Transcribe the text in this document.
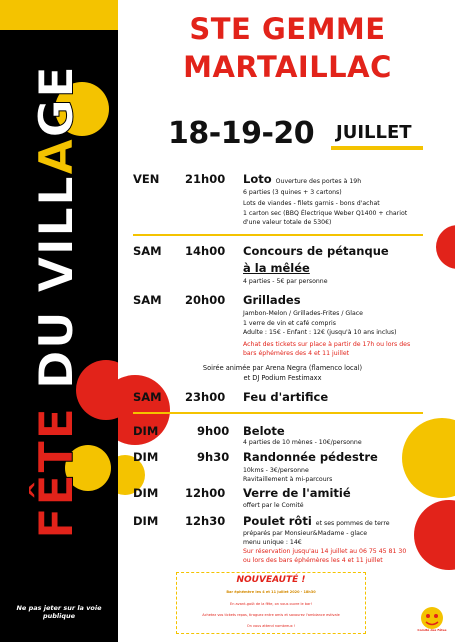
FÊTE DU VILLAGE
Ne pas jeter sur la voie publique
STE GEMME
MARTAILLAC
18-19-20 JUILLET
VEN 21h00 Loto Ouverture des portes à 19h
6 parties (3 quines + 3 cartons)
Lots de viandes - filets garnis - bons d'achat
1 carton sec (BBQ Électrique Weber Q1400 + chariot
d'une valeur totale de 530€)
SAM 14h00 Concours de pétanque
à la mêlée
4 parties - 5€ par personne
SAM 20h00 Grillades
Jambon-Melon / Grillades-Frites / Glace
1 verre de vin et café compris
Adulte : 15€ - Enfant : 12€ (jusqu'à 10 ans inclus)
Achat des tickets sur place à partir de 17h ou lors des
bars éphémères des 4 et 11 juillet
Soirée animée par Arena Negra (flamenco local)
et DJ Podium Festimaxx
SAM 23h00 Feu d'artifice
DIM	9h00 Belote
4 parties de 10 mènes - 10€/personne
DIM	9h30 Randonnée pédestre
10kms - 3€/personne
Ravitaillement à mi-parcours
DIM 12h00 Verre de l'amitié
offert par le Comité
DIM 12h30 Poulet rôti et ses pommes de terre
préparés par Monsieur&Madame - glace
menu unique : 14€
Sur réservation jusqu'au 14 juillet au 06 75 45 81 30
ou lors des bars éphémères les 4 et 11 juillet
NOUVEAUTÉ !
Bar éphémère les 4 et 11 juillet 2020 - 18h30
En avant-goût de la fête, on vous ouvre le bar!
Achetez vos tickets repas, tiraguez entre amis et savourez l'ambiance estivale
On vous attend nombreux !
Comité des Fêtes
